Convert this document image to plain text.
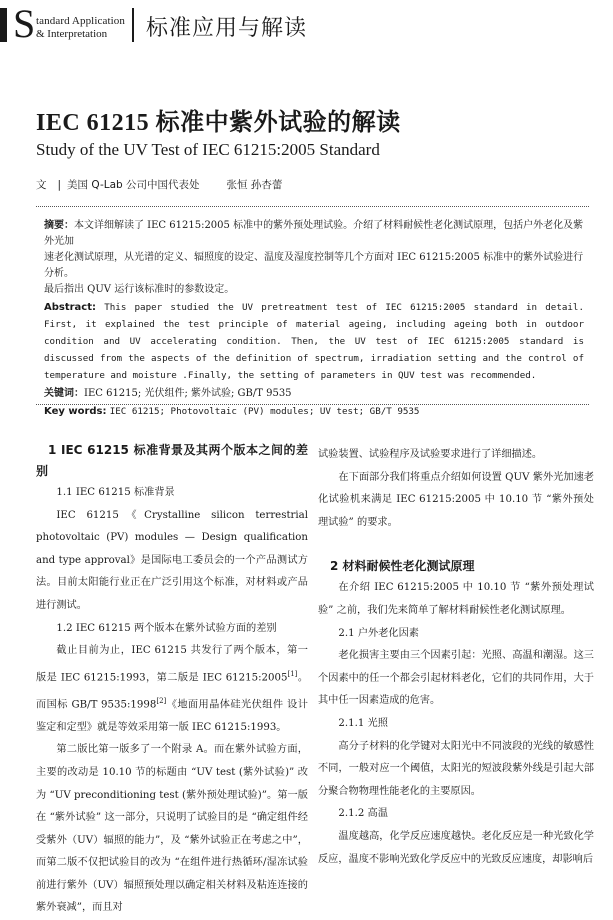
S tandard Application
& Interpretation 标准应用与解读
IEC 61215 标准中紫外试验的解读
Study of the UV Test of IEC 61215:2005 Standard
文 | 美国 Q-Lab 公司中国代表处	张恒 孙杏蕾

摘要：本文详细解读了 IEC 61215:2005 标准中的紫外预处理试验。介绍了材料耐候性老化测试原理，包括户外老化及紫外光加

速老化测试原理，从光谱的定义、辐照度的设定、温度及湿度控制等几个方面对 IEC 61215:2005 标准中的紫外试验进行分析。

最后指出 QUV 运行该标准时的参数设定。

Abstract: This paper studied the UV pretreatment test of IEC 61215:2005 standard in detail. First, it explained the test principle of material ageing, including ageing both in outdoor condition and UV accelerating condition. Then, the UV test of IEC 61215:2005 standard is discussed from the aspects of the definition of spectrum, irradiation setting and the control of temperature and moisture .Finally, the setting of parameters in QUV test was recommended.

关键词：IEC 61215; 光伏组件; 紫外试验; GB/T 9535

Key words: IEC 61215; Photovoltaic (PV) modules; UV test; GB/T 9535

1 IEC 61215 标准背景及其两个版本之间的差别

1.1 IEC 61215 标准背景

IEC 61215《Crystalline silicon terrestrial photovoltaic (PV) modules — Design qualification and type approval》是国际电工委员会的一个产品测试方法。目前太阳能行业正在广泛引用这个标准，对材料或产品进行测试。

1.2 IEC 61215 两个版本在紫外试验方面的差别

截止目前为止，IEC 61215 共发行了两个版本，第一版是 IEC 61215:1993，第二版是 IEC 61215:2005[1]。而国标 GB/T 9535:1998[2]《地面用晶体硅光伏组件 设计鉴定和定型》就是等效采用第一版 IEC 61215:1993。

第二版比第一版多了一个附录 A。而在紫外试验方面，主要的改动是 10.10 节的标题由 “UV test (紫外试验)” 改为 “UV preconditioning test (紫外预处理试验)”。第一版在 “紫外试验” 这一部分，只说明了试验目的是 “确定组件经受紫外（UV）辐照的能力”，及 “紫外试验正在考虑之中”，而第二版不仅把试验目的改为 “在组件进行热循环/湿冻试验前进行紫外（UV）辐照预处理以确定相关材料及粘连连接的紫外衰减”，而且对

试验装置、试验程序及试验要求进行了详细描述。

在下面部分我们将重点介绍如何设置 QUV 紫外光加速老化试验机来满足 IEC 61215:2005 中 10.10 节 “紫外预处理试验” 的要求。

2 材料耐候性老化测试原理

在介绍 IEC 61215:2005 中 10.10 节 “紫外预处理试验” 之前，我们先来简单了解材料耐候性老化测试原理。

2.1 户外老化因素

老化损害主要由三个因素引起：光照、高温和潮湿。这三个因素中的任一个都会引起材料老化，它们的共同作用，大于其中任一因素造成的危害。

2.1.1 光照

高分子材料的化学键对太阳光中不同波段的光线的敏感性不同，一般对应一个阈值，太阳光的短波段紫外线是引起大部分聚合物物理性能老化的主要原因。

2.1.2 高温

温度越高，化学反应速度越快。老化反应是一种光致化学反应，温度不影响光致化学反应中的光致反应速度，却影响后
